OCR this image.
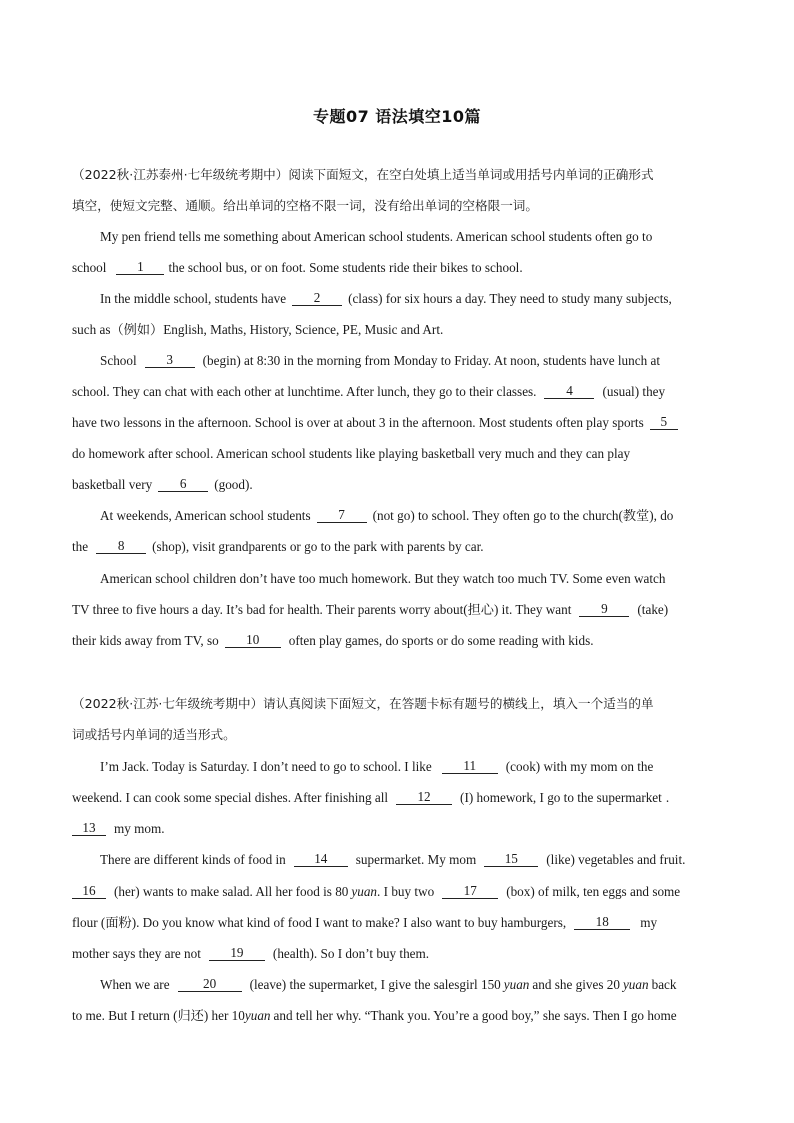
专题07 语法填空10篇
（2022秋·江苏泰州·七年级统考期中）阅读下面短文，在空白处填上适当单词或用括号内单词的正确形式
填空，使短文完整、通顺。给出单词的空格不限一词，没有给出单词的空格限一词。
My pen friend tells me something about American school students. American school students often go to
school	1	the school bus, or on foot. Some students ride their bikes to school.
In the middle school, students have	2	(class) for six hours a day. They need to study many subjects,
such as（例如）English, Maths, History, Science, PE, Music and Art.
School	3	(begin) at 8:30 in the morning from Monday to Friday. At noon, students have lunch at
school. They can chat with each other at lunchtime. After lunch, they go to their classes.	4	(usual) they
have two lessons in the afternoon. School is over at about 3 in the afternoon. Most students often play sports	5
do homework after school. American school students like playing basketball very much and they can play
basketball very	6	(good).
At weekends, American school students	7	(not go) to school. They often go to the church(教堂), do
the	8	(shop), visit grandparents or go to the park with parents by car.
American school children don’t have too much homework. But they watch too much TV. Some even watch
TV three to five hours a day. It’s bad for health. Their parents worry about(担心) it. They want	9	(take)
their kids away from TV, so	10	often play games, do sports or do some reading with kids.
（2022秋·江苏·七年级统考期中）请认真阅读下面短文，在答题卡标有题号的横线上，填入一个适当的单
词或括号内单词的适当形式。
I’m Jack. Today is Saturday. I don’t need to go to school. I like	11	(cook) with my mom on the
weekend. I can cook some special dishes. After finishing all	12	(I) homework, I go to the supermarket .
13	my mom.
There are different kinds of food in	14	supermarket. My mom	15	(like) vegetables and fruit.
16	(her) wants to make salad. All her food is 80 yuan . I buy two	17	(box) of milk, ten eggs and some
flour (面粉). Do you know what kind of food I want to make? I also want to buy hamburgers,	18	my
mother says they are not	19	(health). So I don’t buy them.
When we are	20	(leave) the supermarket, I give the salesgirl 150 yuan and she gives 20 yuan back
to me. But I return (归还) her 10 yuan and tell her why. “Thank you. You’re a good boy,” she says. Then I go home
